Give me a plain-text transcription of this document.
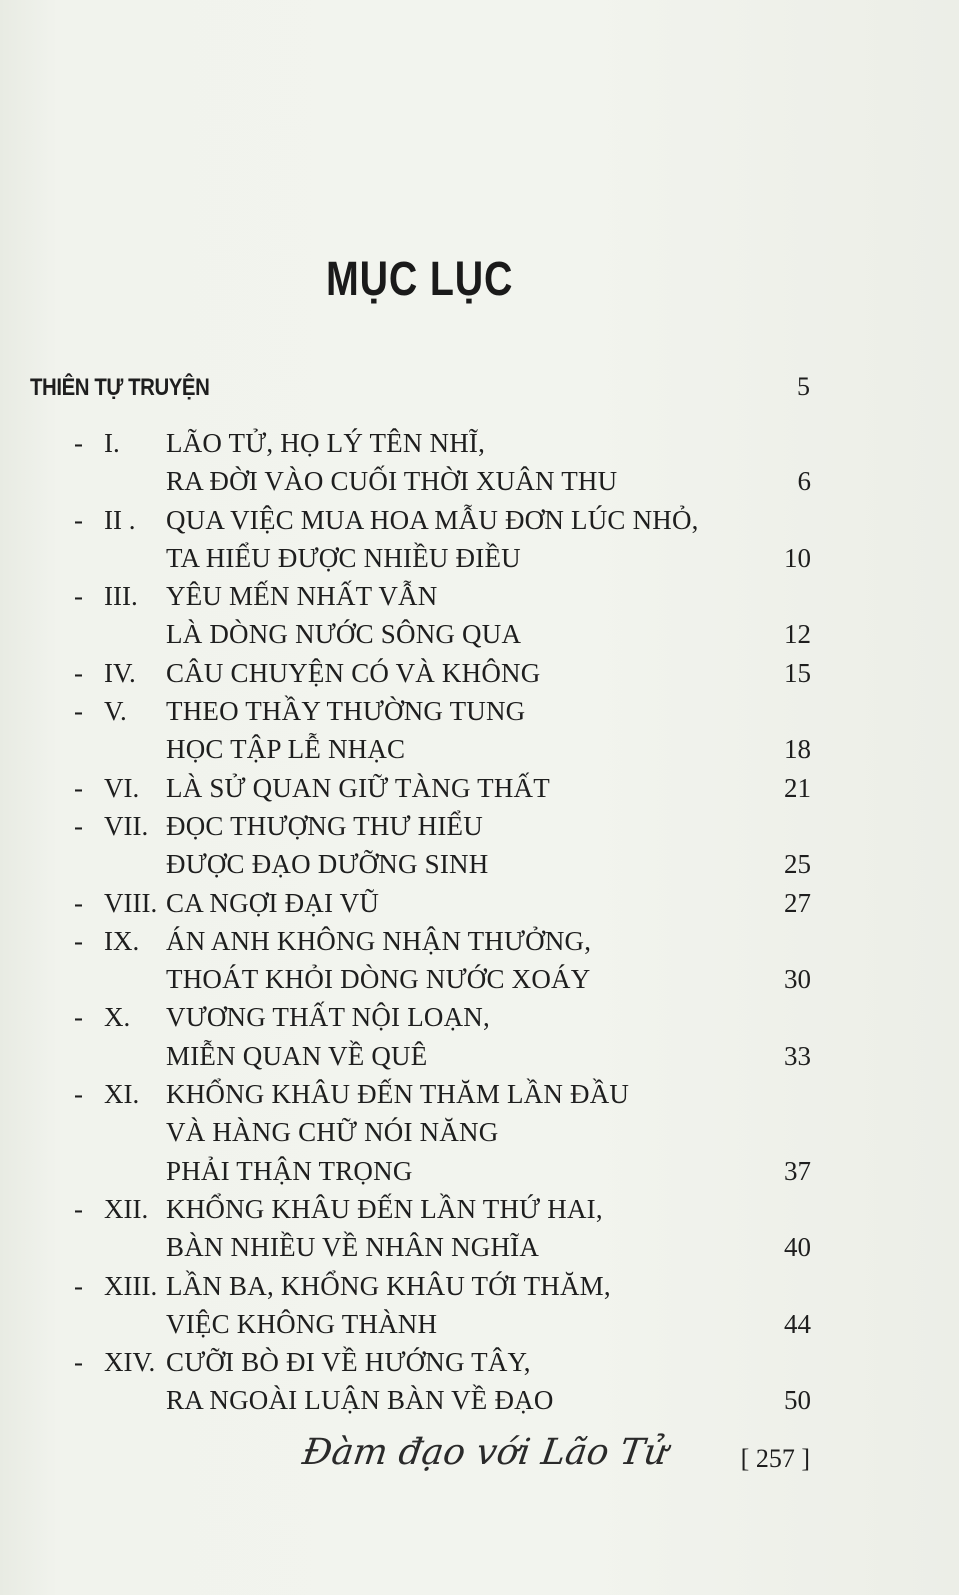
MỤC LỤC
THIÊN TỰ TRUYỆN	5
- I. LÃO TỬ, HỌ LÝ TÊN NHĨ,
RA ĐỜI VÀO CUỐI THỜI XUÂN THU	6
- II . QUA VIỆC MUA HOA MẪU ĐƠN LÚC NHỎ,
TA HIỂU ĐƯỢC NHIỀU ĐIỀU	10
- III. YÊU MẾN NHẤT VẪN
LÀ DÒNG NƯỚC SÔNG QUA	12
- IV. CÂU CHUYỆN CÓ VÀ KHÔNG	15
- V. THEO THẦY THƯỜNG TUNG
HỌC TẬP LỄ NHẠC	18
- VI. LÀ SỬ QUAN GIỮ TÀNG THẤT	21
- VII. ĐỌC THƯỢNG THƯ HIỂU
ĐƯỢC ĐẠO DƯỠNG SINH	25
- VIII. CA NGỢI ĐẠI VŨ	27
- IX. ÁN ANH KHÔNG NHẬN THƯỞNG,
THOÁT KHỎI DÒNG NƯỚC XOÁY	30
- X. VƯƠNG THẤT NỘI LOẠN,
MIỄN QUAN VỀ QUÊ	33
- XI. KHỔNG KHÂU ĐẾN THĂM LẦN ĐẦU
VÀ HÀNG CHỮ NÓI NĂNG
PHẢI THẬN TRỌNG	37
- XII. KHỔNG KHÂU ĐẾN LẦN THỨ HAI,
BÀN NHIỀU VỀ NHÂN NGHĨA	40
- XIII. LẦN BA, KHỔNG KHÂU TỚI THĂM,
VIỆC KHÔNG THÀNH	44
- XIV. CƯỠI BÒ ĐI VỀ HƯỚNG TÂY,
RA NGOÀI LUẬN BÀN VỀ ĐẠO	50
Đàm đạo với Lão Tử	[ 257 ]
